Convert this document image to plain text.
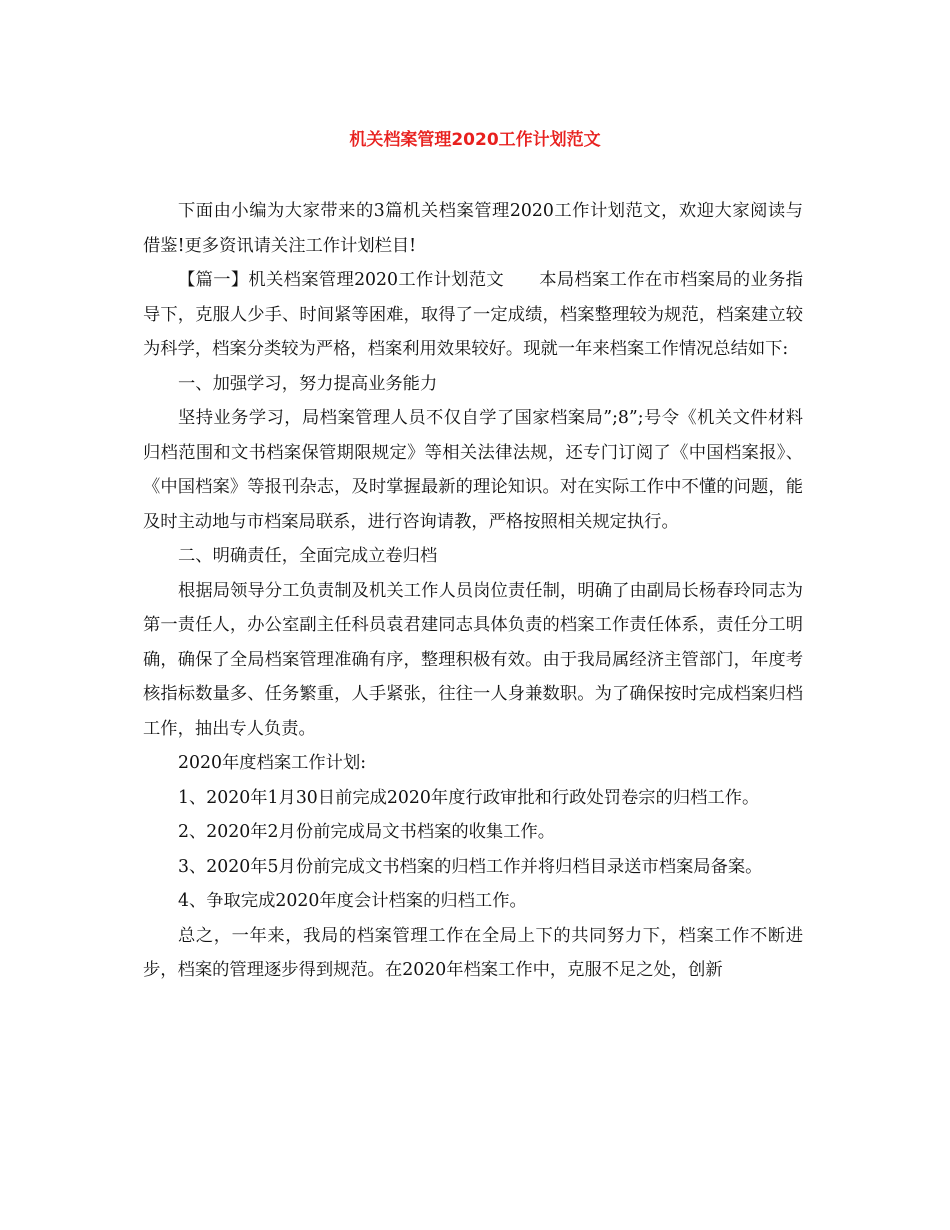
机关档案管理2020工作计划范文

下面由小编为大家带来的3篇机关档案管理2020工作计划范文，欢迎大家阅读与借鉴!更多资讯请关注工作计划栏目!

【篇一】机关档案管理2020工作计划范文　　本局档案工作在市档案局的业务指导下，克服人少手、时间紧等困难，取得了一定成绩，档案整理较为规范，档案建立较为科学，档案分类较为严格，档案利用效果较好。现就一年来档案工作情况总结如下:

一、加强学习，努力提高业务能力

坚持业务学习，局档案管理人员不仅自学了国家档案局”;8”;号令《机关文件材料归档范围和文书档案保管期限规定》等相关法律法规，还专门订阅了《中国档案报》、《中国档案》等报刊杂志，及时掌握最新的理论知识。对在实际工作中不懂的问题，能及时主动地与市档案局联系，进行咨询请教，严格按照相关规定执行。

二、明确责任，全面完成立卷归档

根据局领导分工负责制及机关工作人员岗位责任制，明确了由副局长杨春玲同志为第一责任人，办公室副主任科员袁君建同志具体负责的档案工作责任体系，责任分工明确，确保了全局档案管理准确有序，整理积极有效。由于我局属经济主管部门，年度考核指标数量多、任务繁重，人手紧张，往往一人身兼数职。为了确保按时完成档案归档工作，抽出专人负责。

2020年度档案工作计划:

1、2020年1月30日前完成2020年度行政审批和行政处罚卷宗的归档工作。

2、2020年2月份前完成局文书档案的收集工作。

3、2020年5月份前完成文书档案的归档工作并将归档目录送市档案局备案。

4、争取完成2020年度会计档案的归档工作。

总之，一年来，我局的档案管理工作在全局上下的共同努力下，档案工作不断进步，档案的管理逐步得到规范。在2020年档案工作中，克服不足之处，创新
